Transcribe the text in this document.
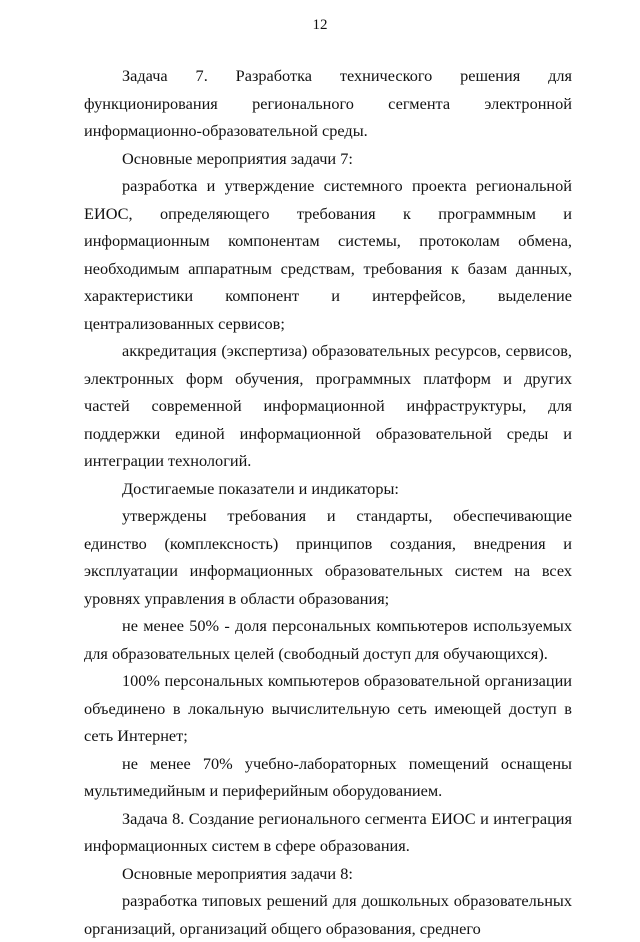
12

Задача 7. Разработка технического решения для функционирования регионального сегмента электронной информационно-образовательной среды.

Основные мероприятия задачи 7:

разработка и утверждение системного проекта региональной ЕИОС, определяющего требования к программным и информационным компонентам системы, протоколам обмена, необходимым аппаратным средствам, требования к базам данных, характеристики компонент и интерфейсов, выделение централизованных сервисов;

аккредитация (экспертиза) образовательных ресурсов, сервисов, электронных форм обучения, программных платформ и других частей современной информационной инфраструктуры, для поддержки единой информационной образовательной среды и интеграции технологий.

Достигаемые показатели и индикаторы:

утверждены требования и стандарты, обеспечивающие единство (комплексность) принципов создания, внедрения и эксплуатации информационных образовательных систем на всех уровнях управления в области образования;

не менее 50% - доля персональных компьютеров используемых для образовательных целей (свободный доступ для обучающихся).

100% персональных компьютеров образовательной организации объединено в локальную вычислительную сеть имеющей доступ в сеть Интернет;

не менее 70% учебно-лабораторных помещений оснащены мультимедийным и периферийным оборудованием.

Задача 8. Создание регионального сегмента ЕИОС и интеграция информационных систем в сфере образования.

Основные мероприятия задачи 8:

разработка типовых решений для дошкольных образовательных организаций, организаций общего образования, среднего
